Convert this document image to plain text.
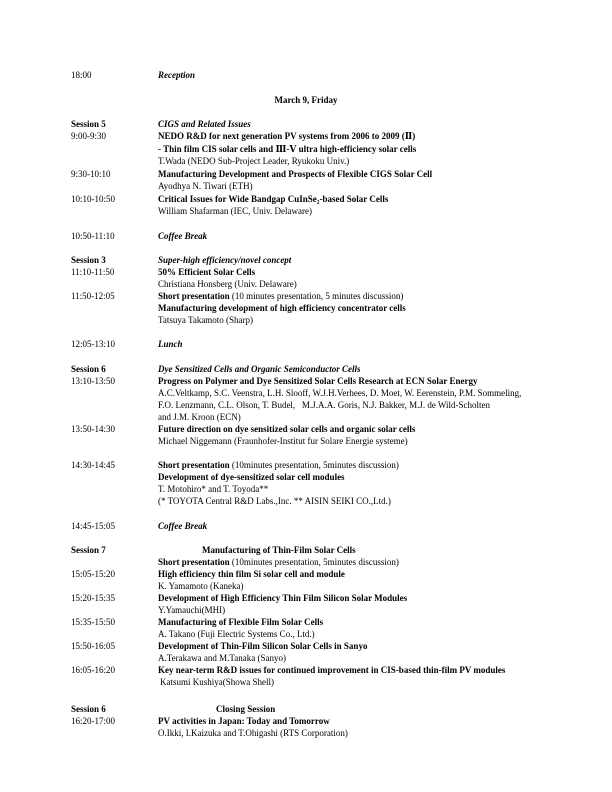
18:00	Reception
March 9, Friday
Session 5	CIGS and Related Issues
9:00-9:30	NEDO R&D for next generation PV systems from 2006 to 2009 (Ⅱ)
- Thin film CIS solar cells and Ⅲ-Ⅴ ultra high-efficiency solar cells
T.Wada (NEDO Sub-Project Leader, Ryukoku Univ.)
9:30-10:10	Manufacturing Development and Prospects of Flexible CIGS Solar Cell
Ayodhya N. Tiwari (ETH)
10:10-10:50	Critical Issues for Wide Bandgap CuInSe₂-based Solar Cells
William Shafarman (IEC, Univ. Delaware)
10:50-11:10	Coffee Break
Session 3	Super-high efficiency/novel concept
11:10-11:50	50% Efficient Solar Cells
Christiana Honsberg (Univ. Delaware)
11:50-12:05	Short presentation (10 minutes presentation, 5 minutes discussion)
Manufacturing development of high efficiency concentrator cells
Tatsuya Takamoto (Sharp)
12:05-13:10	Lunch
Session 6	Dye Sensitized Cells and Organic Semiconductor Cells
13:10-13:50	Progress on Polymer and Dye Sensitized Solar Cells Research at ECN Solar Energy
A.C.Veltkamp, S.C. Veenstra, L.H. Slooff, W.J.H.Verhees, D. Moet, W. Eerenstein, P.M. Sommeling,
F.O. Lenzmann, C.L. Olson, T. Budel,   M.J.A.A. Goris, N.J. Bakker, M.J. de Wild-Scholten
and J.M. Kroon (ECN)
13:50-14:30	Future direction on dye sensitized solar cells and organic solar cells
Michael Niggemann (Fraunhofer-Institut fur Solare Energie systeme)
14:30-14:45	Short presentation (10minutes presentation, 5minutes discussion)
Development of dye-sensitized solar cell modules
T. Motohiro* and T. Toyoda**
(* TOYOTA Central R&D Labs.,Inc. ** AISIN SEIKI CO.,Ltd.)
14:45-15:05	Coffee Break
Session 7	Manufacturing of Thin-Film Solar Cells
Short presentation (10minutes presentation, 5minutes discussion)
15:05-15:20	High efficiency thin film Si solar cell and module
K. Yamamoto (Kaneka)
15:20-15:35	Development of High Efficiency Thin Film Silicon Solar Modules
Y.Yamauchi(MHI)
15:35-15:50	Manufacturing of Flexible Film Solar Cells
A. Takano (Fuji Electric Systems Co., Ltd.)
15:50-16:05	Development of Thin-Film Silicon Solar Cells in Sanyo
A.Terakawa and M.Tanaka (Sanyo)
16:05-16:20	Key near-term R&D issues for continued improvement in CIS-based thin-film PV modules
Katsumi Kushiya(Showa Shell)
Session 6	Closing Session
16:20-17:00	PV activities in Japan: Today and Tomorrow
O.Ikki, I.Kaizuka and T.Ohigashi (RTS Corporation)
